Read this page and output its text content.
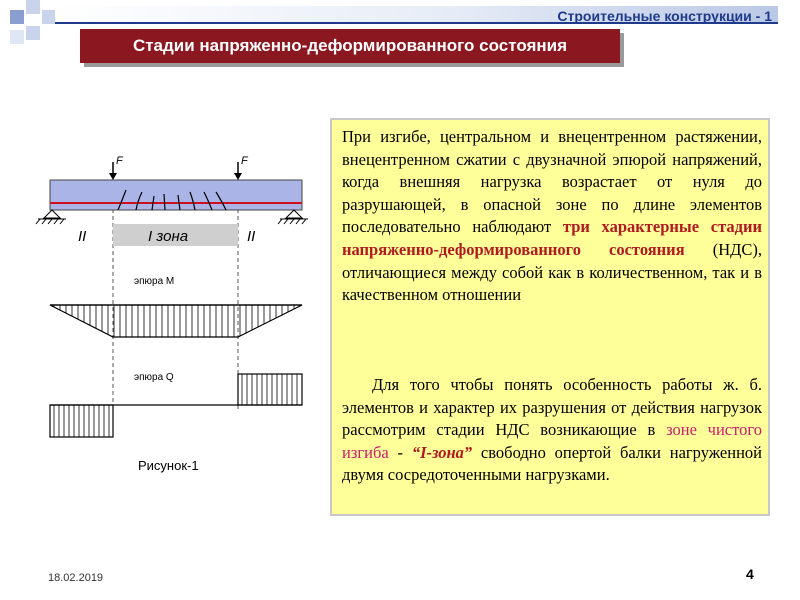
Строительные конструкции - 1
Стадии напряженно-деформированного состояния
F	F
II	I зона	II
эпюра M
эпюра Q
Рисунок-1
При изгибе, центральном и внецентренном растяжении, внецентренном сжатии с двузначной эпюрой напряжений, когда внешняя нагрузка возрастает от нуля до разрушающей, в опасной зоне по длине элементов последовательно наблюдают три характерные стадии напряженно-деформированного состояния (НДС), отличающиеся между собой как в количественном, так и в качественном отношении
Для того чтобы понять особенность работы ж. б. элементов и характер их разрушения от действия нагрузок рассмотрим стадии НДС возникающие в зоне чистого изгиба - “I-зона” свободно опертой балки нагруженной двумя сосредоточенными нагрузками.
18.02.2019	4
